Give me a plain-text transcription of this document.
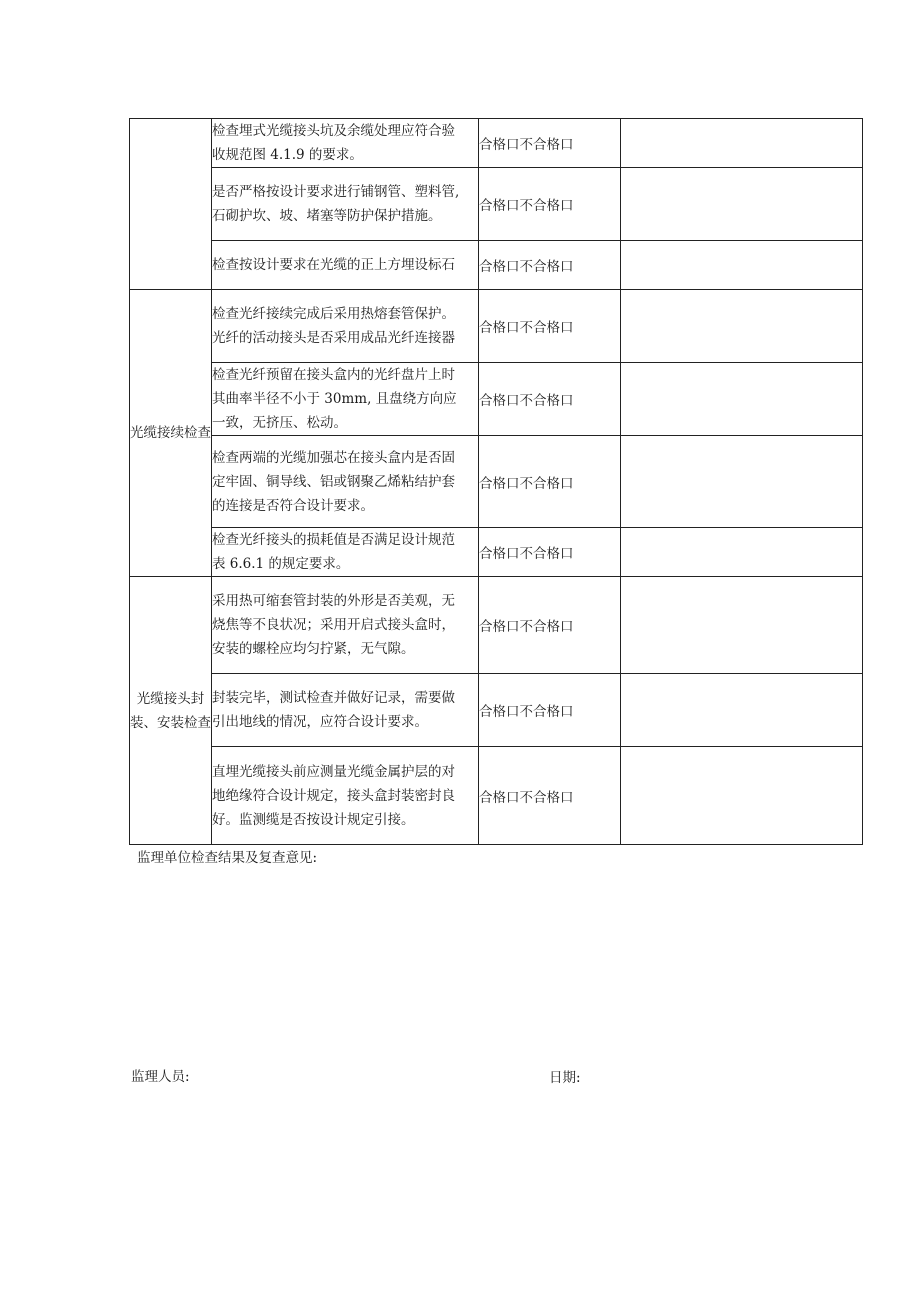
	检查埋式光缆接头坑及余缆处理应符合验
收规范图 4.1.9 的要求。	合格口不合格口	

	是否严格按设计要求进行铺钢管、塑料管,
石砌护坎、坡、堵塞等防护保护措施。	合格口不合格口	

	检查按设计要求在光缆的正上方埋设标石	合格口不合格口	

光缆接续检查	检查光纤接续完成后采用热熔套管保护。
光纤的活动接头是否采用成品光纤连接器	合格口不合格口	

	检查光纤预留在接头盒内的光纤盘片上时
其曲率半径不小于 30mm, 且盘绕方向应
一致，无挤压、松动。	合格口不合格口	

	检查两端的光缆加强芯在接头盒内是否固
定牢固、铜导线、铝或钢聚乙烯粘结护套
的连接是否符合设计要求。	合格口不合格口	

	检查光纤接头的损耗值是否满足设计规范
表 6.6.1 的规定要求。	合格口不合格口	

光缆接头封装、安装检查	采用热可缩套管封装的外形是否美观，无
烧焦等不良状况；采用开启式接头盒时，
安装的螺栓应均匀拧紧，无气隙。	合格口不合格口	

	封装完毕，测试检查并做好记录，需要做
引出地线的情况，应符合设计要求。	合格口不合格口	

	直埋光缆接头前应测量光缆金属护层的对
地绝缘符合设计规定，接头盒封装密封良
好。监测缆是否按设计规定引接。	合格口不合格口	
监理单位检查结果及复查意见:
监理人员:	日期:
